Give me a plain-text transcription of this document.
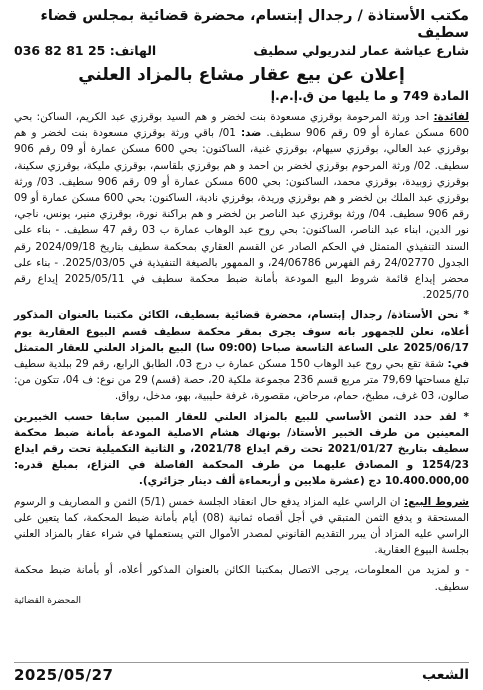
مكتب الأستاذة / رجدال إبتسام، محضرة قضائية بمجلس قضاء سطيف
شارع عياشة عمار لندريولي سطيف
الهاتف: 036 82 81 25
إعلان عن بيع عقار مشاع بالمزاد العلني
المادة 749 و ما يليها من ق.إ.م.إ
لفائدة: احد ورثة المرحومة بوقرزي مسعودة بنت لخضر و هم السيد بوقرزي عبد الكريم، الساكن: بحي 600 مسكن عمارة أو 09 رقم 906 سطيف. ضد: 01/ باقي ورثة بوقرزي مسعودة بنت لخضر و هم بوقرزي عبد العالي، بوقرزي سيهام، بوقرزي غنية، الساكنون: بحي 600 مسكن عمارة أو 09 رقم 906 سطيف. 02/ ورثة المرحوم بوقرزي لخضر بن احمد و هم بوقرزي بلقاسم، بوقرزي مليكة، بوقرزي سكينة، بوقرزي زوبيدة، بوقرزي محمد، الساكنون: بحي 600 مسكن عمارة أو 09 رقم 906 سطيف. 03/ ورثة بوقرزي عبد الملك بن لخضر و هم بوقرزي وريدة، بوقرزي نادية، الساكنون: بحي 600 مسكن عمارة أو 09 رقم 906 سطيف. 04/ ورثة بوقرزي عبد الناصر بن لخضر و هم براكنة نورة، بوقرزي منير، يونس، ناجي، نور الدين، ابناء عبد الناصر، الساكنون: بحي روح عبد الوهاب عمارة ب 03 رقم 47 سطيف. - بناء على السند التنفيذي المتمثل في الحكم الصادر عن القسم العقاري بمحكمة سطيف بتاريخ 2024/09/18 رقم الجدول 24/02770 رقم الفهرس 24/06786، و الممهور بالصيغة التنفيذية في 2025/03/05. - بناء على محضر إيداع قائمة شروط البيع المودعة بأمانة ضبط محكمة سطيف في 2025/05/11 إيداع رقم 2025/70.
* نحن الأستاذة/ رجدال إبتسام، محضرة قضائية بسطيف، الكائن مكتبنا بالعنوان المذكور أعلاه، نعلن للجمهور بانه سوف يجرى بمقر محكمة سطيف قسم البيوع العقارية يوم 2025/06/17 على الساعة التاسعة صباحا (09:00 سا) البيع بالمزاد العلني للعقار المتمثل في: شقة تقع بحي روح عبد الوهاب 150 مسكن عمارة ب درج 03، الطابق الرابع، رقم 29 ببلدية سطيف تبلغ مساحتها 79,69 متر مربع قسم 236 مجموعة ملكية 20، حصة (قسم) 29 من نوع: ف 04، تتكون من: صالون، 03 غرف، مطبخ، حمام، مرحاض، مقصورة، غرفة حليبية، بهو، مدخل، رواق.
* لقد حدد الثمن الأساسي للبيع بالمزاد العلني للعقار المبين سابقا حسب الخبيرين المعينين من طرف الخبير الأستاذ/ بونهاك هشام الاصلية المودعة بأمانة ضبط محكمة سطيف بتاريخ 2021/01/27 تحت رقم ايداع 2021/78، و الثانية التكميلية تحت رقم ايداع 1254/23 و المصادق عليهما من طرف المحكمة الفاصلة في النزاع، بمبلغ قدره: 10.400.000,00 دج (عشرة ملايين و أربعماءة ألف دينار جزائري).
شروط البيع: ان الراسي عليه المزاد يدفع حال انعقاد الجلسة خمس (5/1) الثمن و المصاريف و الرسوم المستحقة و يدفع الثمن المتبقي في أجل أقصاه ثمانية (08) أيام بأمانة ضبط المحكمة، كما يتعين على الراسي عليه المزاد أن يبرر التقديم القانوني لمصدر الأموال التي يستعملها في شراء عقار بالمزاد العلني بجلسة البيوع العقارية.
- و لمزيد من المعلومات، يرجى الاتصال بمكتبنا الكائن بالعنوان المذكور أعلاه، أو بأمانة ضبط محكمة سطيف.
المحضرة القضائية
الشعب
2025/05/27
